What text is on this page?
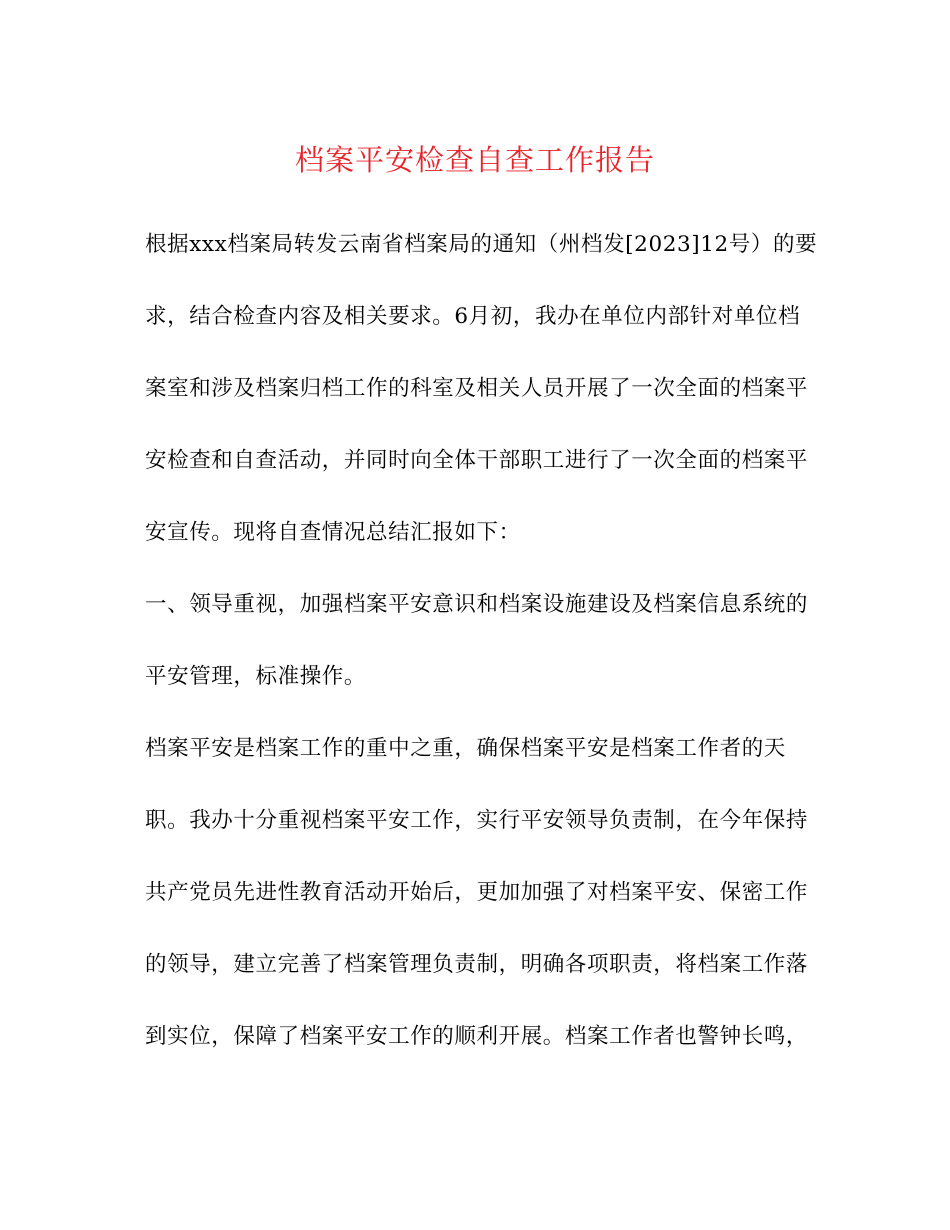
档案平安检查自查工作报告
根据xxx档案局转发云南省档案局的通知（州档发[2023]12号）的要
求，结合检查内容及相关要求。6月初，我办在单位内部针对单位档
案室和涉及档案归档工作的科室及相关人员开展了一次全面的档案平
安检查和自查活动，并同时向全体干部职工进行了一次全面的档案平
安宣传。现将自查情况总结汇报如下：
一、领导重视，加强档案平安意识和档案设施建设及档案信息系统的
平安管理，标准操作。
档案平安是档案工作的重中之重，确保档案平安是档案工作者的天
职。我办十分重视档案平安工作，实行平安领导负责制，在今年保持
共产党员先进性教育活动开始后，更加加强了对档案平安、保密工作
的领导，建立完善了档案管理负责制，明确各项职责，将档案工作落
到实位，保障了档案平安工作的顺利开展。档案工作者也警钟长鸣，
